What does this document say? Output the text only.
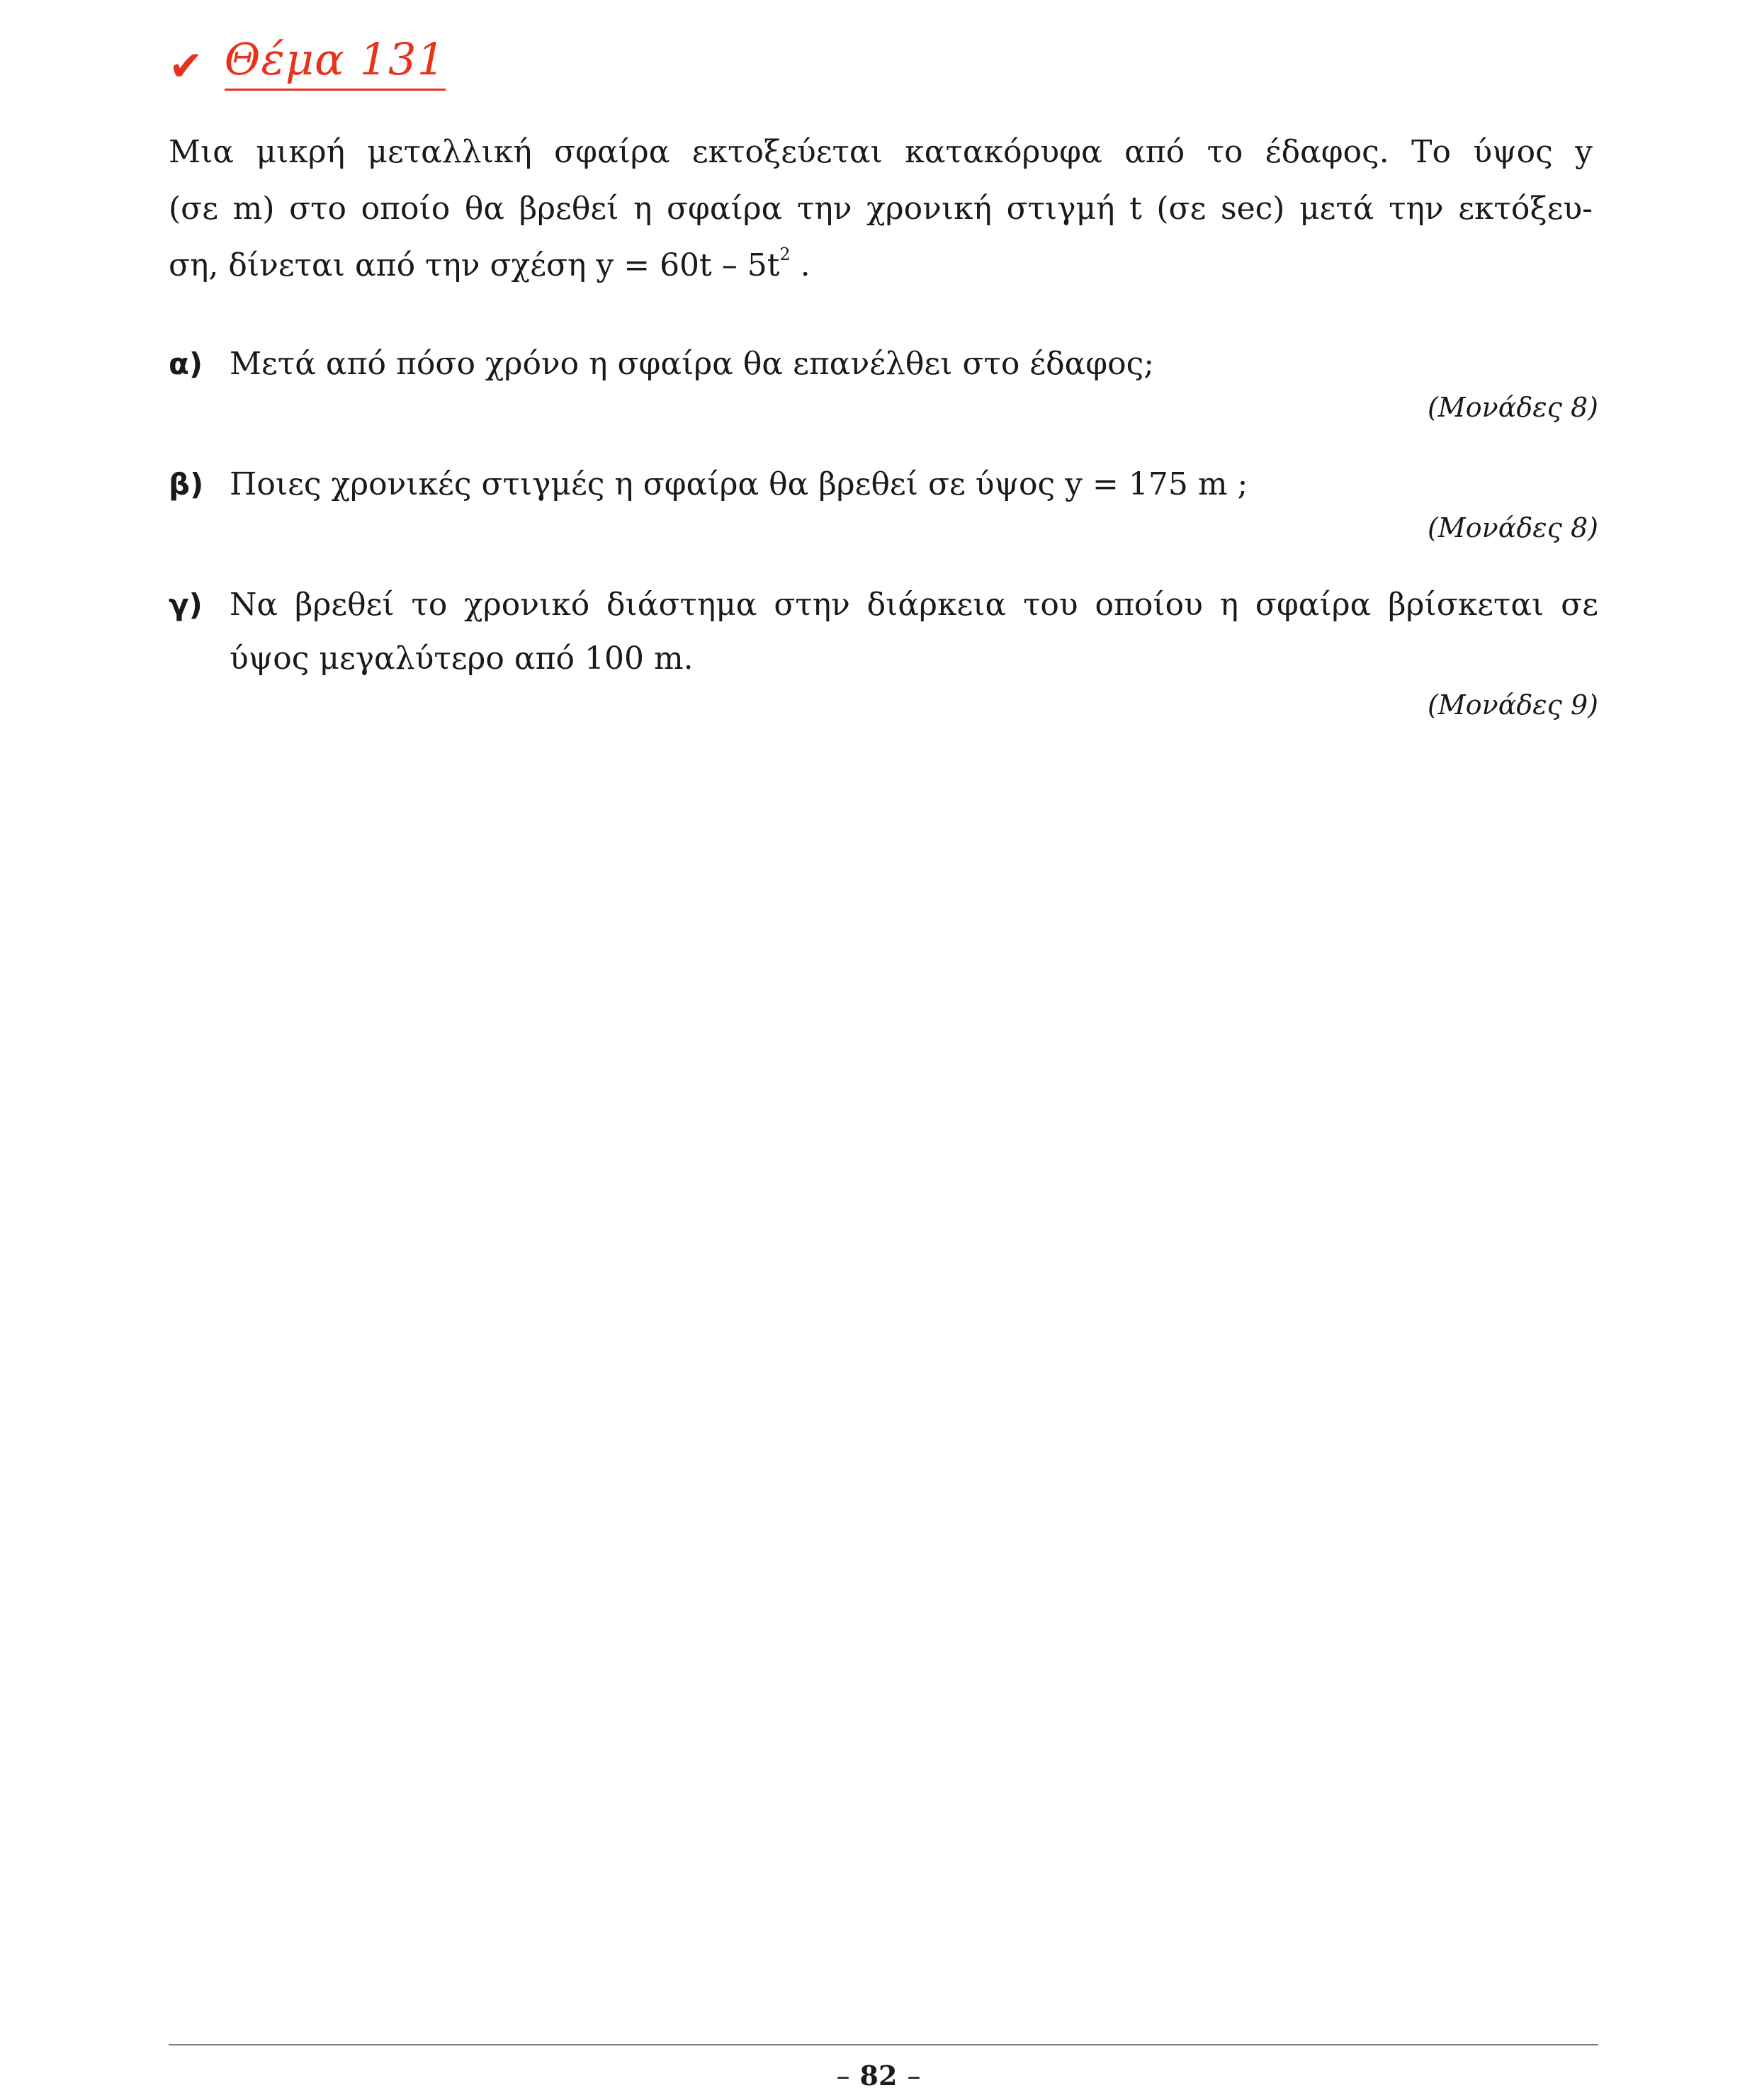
✔ Θέμα 131
Μια μικρή μεταλλική σφαίρα εκτοξεύεται κατακόρυφα από το έδαφος. Το ύψος y
(σε m) στο οποίο θα βρεθεί η σφαίρα την χρονική στιγμή t (σε sec) μετά την εκτόξευ-
ση, δίνεται από την σχέση $y = 60t - 5t^2$ .
α) Μετά από πόσο χρόνο η σφαίρα θα επανέλθει στο έδαφος;
(Μονάδες 8)
β) Ποιες χρονικές στιγμές η σφαίρα θα βρεθεί σε ύψος y = 175 m ;
(Μονάδες 8)
γ) Να βρεθεί το χρονικό διάστημα στην διάρκεια του οποίου η σφαίρα βρίσκεται σε
ύψος μεγαλύτερο από 100 m.
(Μονάδες 9)
– 82 –
